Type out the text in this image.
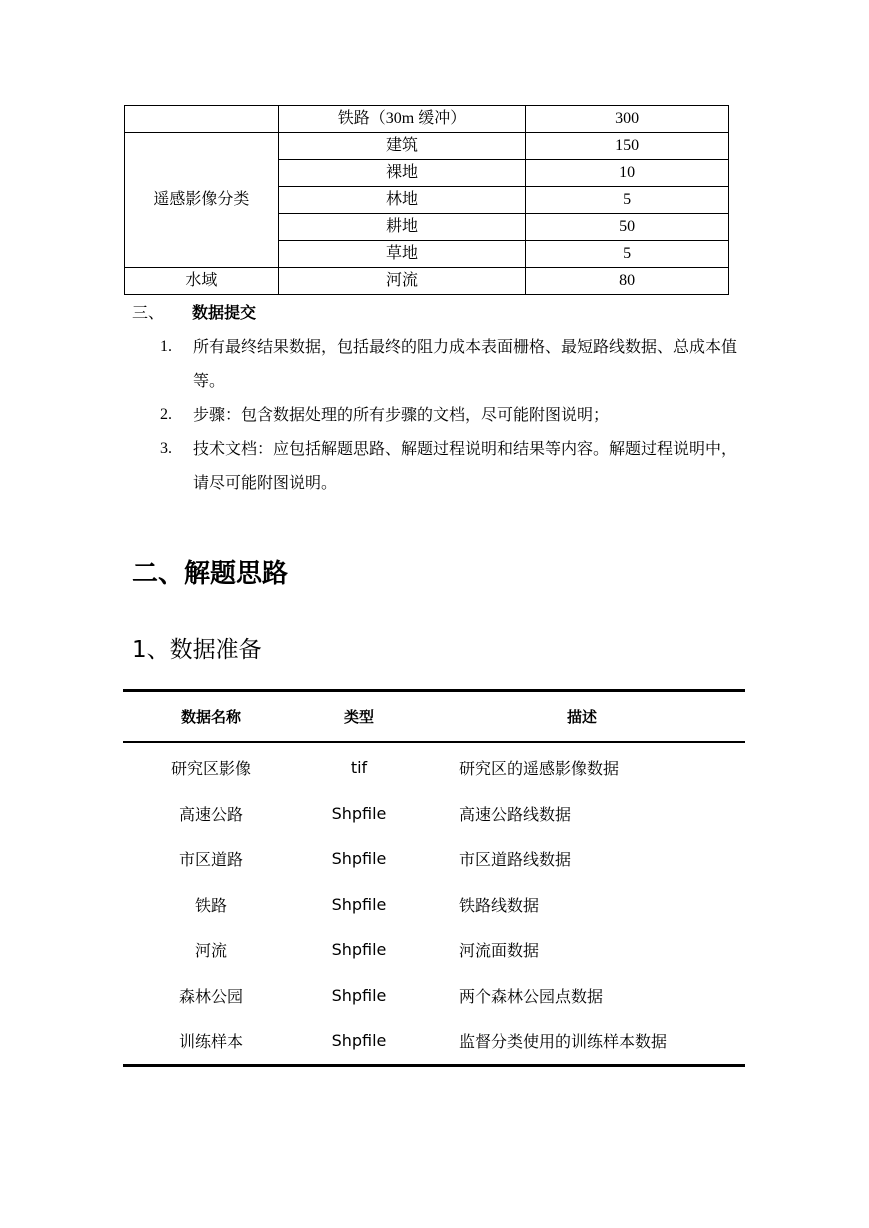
	铁路（30m 缓冲）	300
遥感影像分类	建筑	150
	裸地	10
	林地	5
	耕地	50
	草地	5
水域	河流	80
三、 数据提交
1. 所有最终结果数据，包括最终的阻力成本表面栅格、最短路线数据、总成本值等。
2. 步骤：包含数据处理的所有步骤的文档，尽可能附图说明；
3. 技术文档：应包括解题思路、解题过程说明和结果等内容。解题过程说明中，请尽可能附图说明。
二、解题思路
1、数据准备
数据名称	类型	描述
研究区影像	tif	研究区的遥感影像数据
高速公路	Shpfile	高速公路线数据
市区道路	Shpfile	市区道路线数据
铁路	Shpfile	铁路线数据
河流	Shpfile	河流面数据
森林公园	Shpfile	两个森林公园点数据
训练样本	Shpfile	监督分类使用的训练样本数据
